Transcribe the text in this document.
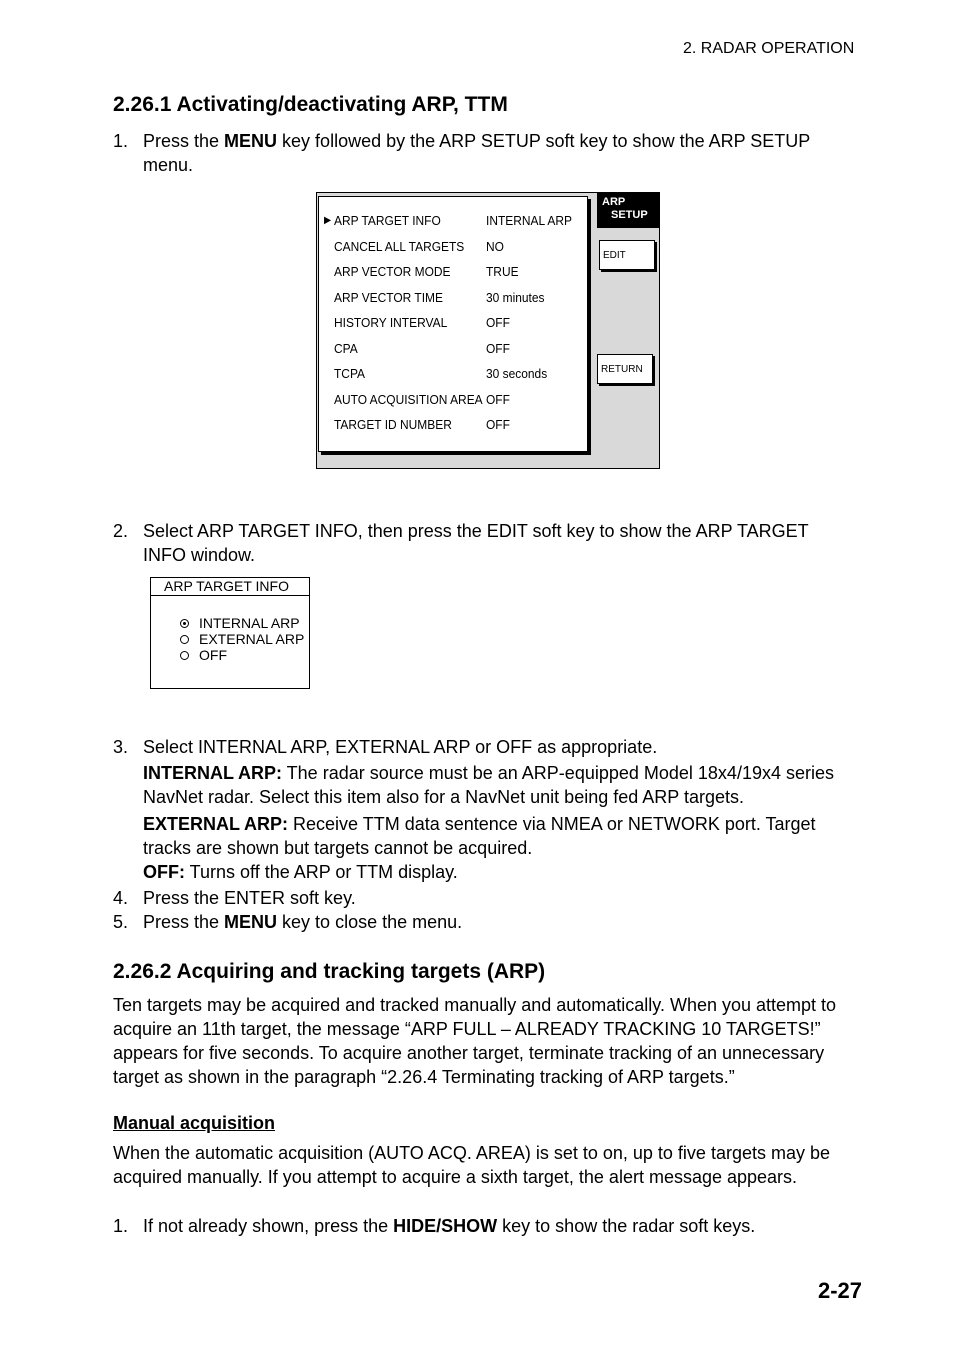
2. RADAR OPERATION
2.26.1 Activating/deactivating ARP, TTM
1. Press the MENU key followed by the ARP SETUP soft key to show the ARP SETUP
menu.
▶ ARP TARGET INFO	INTERNAL ARP
CANCEL ALL TARGETS NO
ARP VECTOR MODE	TRUE
ARP VECTOR TIME	30 minutes
HISTORY INTERVAL	OFF
CPA	OFF
TCPA	30 seconds
AUTO ACQUISITION AREA OFF
TARGET ID NUMBER	OFF
ARP
SETUP
EDIT
RETURN
2. Select ARP TARGET INFO, then press the EDIT soft key to show the ARP TARGET
INFO window.
ARP TARGET INFO
INTERNAL ARP
EXTERNAL ARP
OFF
3. Select INTERNAL ARP, EXTERNAL ARP or OFF as appropriate.
INTERNAL ARP: The radar source must be an ARP-equipped Model 18x4/19x4 series
NavNet radar. Select this item also for a NavNet unit being fed ARP targets.
EXTERNAL ARP: Receive TTM data sentence via NMEA or NETWORK port. Target
tracks are shown but targets cannot be acquired.
OFF: Turns off the ARP or TTM display.
4. Press the ENTER soft key.
5. Press the MENU key to close the menu.
2.26.2 Acquiring and tracking targets (ARP)
Ten targets may be acquired and tracked manually and automatically. When you attempt to
acquire an 11th target, the message “ARP FULL – ALREADY TRACKING 10 TARGETS!”
appears for five seconds. To acquire another target, terminate tracking of an unnecessary
target as shown in the paragraph “2.26.4 Terminating tracking of ARP targets.”
Manual acquisition
When the automatic acquisition (AUTO ACQ. AREA) is set to on, up to five targets may be
acquired manually. If you attempt to acquire a sixth target, the alert message appears.
1. If not already shown, press the HIDE/SHOW key to show the radar soft keys.
2-27
